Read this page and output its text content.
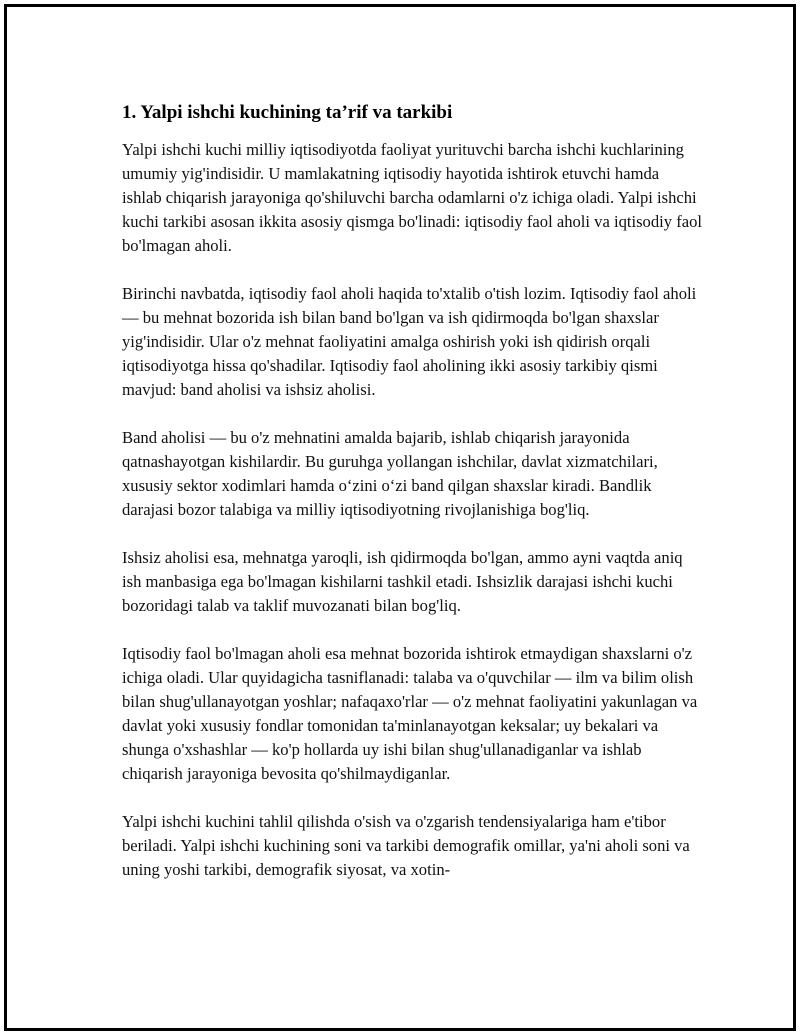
1. Yalpi ishchi kuchining ta’rif va tarkibi

Yalpi ishchi kuchi milliy iqtisodiyotda faoliyat yurituvchi barcha ishchi kuchlarining umumiy yig'indisidir. U mamlakatning iqtisodiy hayotida ishtirok etuvchi hamda ishlab chiqarish jarayoniga qo'shiluvchi barcha odamlarni o'z ichiga oladi. Yalpi ishchi kuchi tarkibi asosan ikkita asosiy qismga bo'linadi: iqtisodiy faol aholi va iqtisodiy faol bo'lmagan aholi.

Birinchi navbatda, iqtisodiy faol aholi haqida to'xtalib o'tish lozim. Iqtisodiy faol aholi — bu mehnat bozorida ish bilan band bo'lgan va ish qidirmoqda bo'lgan shaxslar yig'indisidir. Ular o'z mehnat faoliyatini amalga oshirish yoki ish qidirish orqali iqtisodiyotga hissa qo'shadilar. Iqtisodiy faol aholining ikki asosiy tarkibiy qismi mavjud: band aholisi va ishsiz aholisi.

Band aholisi — bu o'z mehnatini amalda bajarib, ishlab chiqarish jarayonida qatnashayotgan kishilardir. Bu guruhga yollangan ishchilar, davlat xizmatchilari, xususiy sektor xodimlari hamda o‘zini o‘zi band qilgan shaxslar kiradi. Bandlik darajasi bozor talabiga va milliy iqtisodiyotning rivojlanishiga bog'liq.

Ishsiz aholisi esa, mehnatga yaroqli, ish qidirmoqda bo'lgan, ammo ayni vaqtda aniq ish manbasiga ega bo'lmagan kishilarni tashkil etadi. Ishsizlik darajasi ishchi kuchi bozoridagi talab va taklif muvozanati bilan bog'liq.

Iqtisodiy faol bo'lmagan aholi esa mehnat bozorida ishtirok etmaydigan shaxslarni o'z ichiga oladi. Ular quyidagicha tasniflanadi: talaba va o'quvchilar — ilm va bilim olish bilan shug'ullanayotgan yoshlar; nafaqaxo'rlar — o'z mehnat faoliyatini yakunlagan va davlat yoki xususiy fondlar tomonidan ta'minlanayotgan keksalar; uy bekalari va shunga o'xshashlar — ko'p hollarda uy ishi bilan shug'ullanadiganlar va ishlab chiqarish jarayoniga bevosita qo'shilmaydiganlar.

Yalpi ishchi kuchini tahlil qilishda o'sish va o'zgarish tendensiyalariga ham e'tibor beriladi. Yalpi ishchi kuchining soni va tarkibi demografik omillar, ya'ni aholi soni va uning yoshi tarkibi, demografik siyosat, va xotin-
